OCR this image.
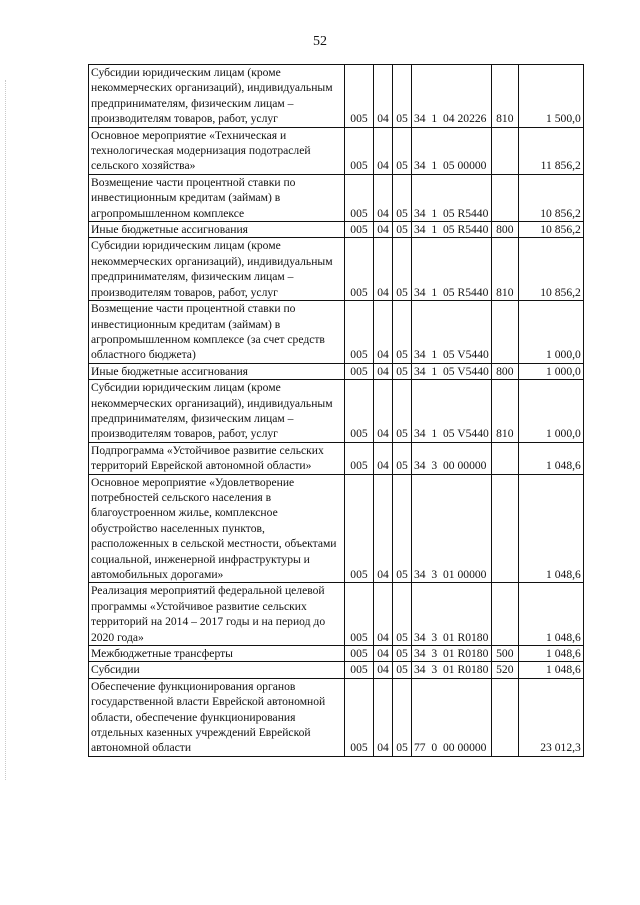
52
Субсидии юридическим лицам (кроме некоммерческих организаций), индивидуальным предпринимателям, физическим лицам – производителям товаров, работ, услуг	005	04	05	34  1  04 20226	810	1 500,0
Основное мероприятие «Техническая и технологическая модернизация подотраслей сельского хозяйства»	005	04	05	34  1  05 00000		11 856,2
Возмещение части процентной ставки по инвестиционным кредитам (займам) в агропромышленном комплексе	005	04	05	34  1  05 R5440		10 856,2
Иные бюджетные ассигнования	005	04	05	34  1  05 R5440	800	10 856,2
Субсидии юридическим лицам (кроме некоммерческих организаций), индивидуальным предпринимателям, физическим лицам – производителям товаров, работ, услуг	005	04	05	34  1  05 R5440	810	10 856,2
Возмещение части процентной ставки по инвестиционным кредитам (займам) в агропромышленном комплексе (за счет средств областного бюджета)	005	04	05	34  1  05 V5440		1 000,0
Иные бюджетные ассигнования	005	04	05	34  1  05 V5440	800	1 000,0
Субсидии юридическим лицам (кроме некоммерческих организаций), индивидуальным предпринимателям, физическим лицам – производителям товаров, работ, услуг	005	04	05	34  1  05 V5440	810	1 000,0
Подпрограмма «Устойчивое развитие сельских территорий Еврейской автономной области»	005	04	05	34  3  00 00000		1 048,6
Основное мероприятие «Удовлетворение потребностей сельского населения в благоустроенном жилье, комплексное обустройство населенных пунктов, расположенных в сельской местности, объектами социальной, инженерной инфраструктуры и автомобильных дорогами»	005	04	05	34  3  01 00000		1 048,6
Реализация мероприятий федеральной целевой программы «Устойчивое развитие сельских территорий на 2014 – 2017 годы и на период до 2020 года»	005	04	05	34  3  01 R0180		1 048,6
Межбюджетные трансферты	005	04	05	34  3  01 R0180	500	1 048,6
Субсидии	005	04	05	34  3  01 R0180	520	1 048,6
Обеспечение функционирования органов государственной власти Еврейской автономной области, обеспечение функционирования отдельных казенных учреждений Еврейской автономной области	005	04	05	77  0  00 00000		23 012,3
